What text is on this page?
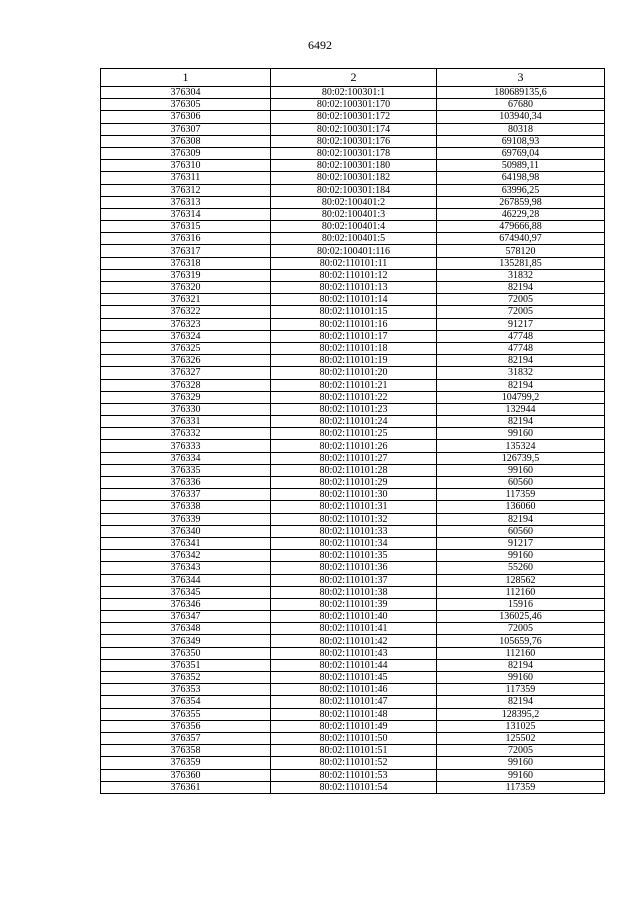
6492
1	2	3
376304	80:02:100301:1	180689135,6
376305	80:02:100301:170	67680
376306	80:02:100301:172	103940,34
376307	80:02:100301:174	80318
376308	80:02:100301:176	69108,93
376309	80:02:100301:178	69769,04
376310	80:02:100301:180	50989,11
376311	80:02:100301:182	64198,98
376312	80:02:100301:184	63996,25
376313	80:02:100401:2	267859,98
376314	80:02:100401:3	46229,28
376315	80:02:100401:4	479666,88
376316	80:02:100401:5	674940,97
376317	80:02:100401:116	578120
376318	80:02:110101:11	135281,85
376319	80:02:110101:12	31832
376320	80:02:110101:13	82194
376321	80:02:110101:14	72005
376322	80:02:110101:15	72005
376323	80:02:110101:16	91217
376324	80:02:110101:17	47748
376325	80:02:110101:18	47748
376326	80:02:110101:19	82194
376327	80:02:110101:20	31832
376328	80:02:110101:21	82194
376329	80:02:110101:22	104799,2
376330	80:02:110101:23	132944
376331	80:02:110101:24	82194
376332	80:02:110101:25	99160
376333	80:02:110101:26	135324
376334	80:02:110101:27	126739,5
376335	80:02:110101:28	99160
376336	80:02:110101:29	60560
376337	80:02:110101:30	117359
376338	80:02:110101:31	136060
376339	80:02:110101:32	82194
376340	80:02:110101:33	60560
376341	80:02:110101:34	91217
376342	80:02:110101:35	99160
376343	80:02:110101:36	55260
376344	80:02:110101:37	128562
376345	80:02:110101:38	112160
376346	80:02:110101:39	15916
376347	80:02:110101:40	136025,46
376348	80:02:110101:41	72005
376349	80:02:110101:42	105659,76
376350	80:02:110101:43	112160
376351	80:02:110101:44	82194
376352	80:02:110101:45	99160
376353	80:02:110101:46	117359
376354	80:02:110101:47	82194
376355	80:02:110101:48	128395,2
376356	80:02:110101:49	131025
376357	80:02:110101:50	125502
376358	80:02:110101:51	72005
376359	80:02:110101:52	99160
376360	80:02:110101:53	99160
376361	80:02:110101:54	117359
